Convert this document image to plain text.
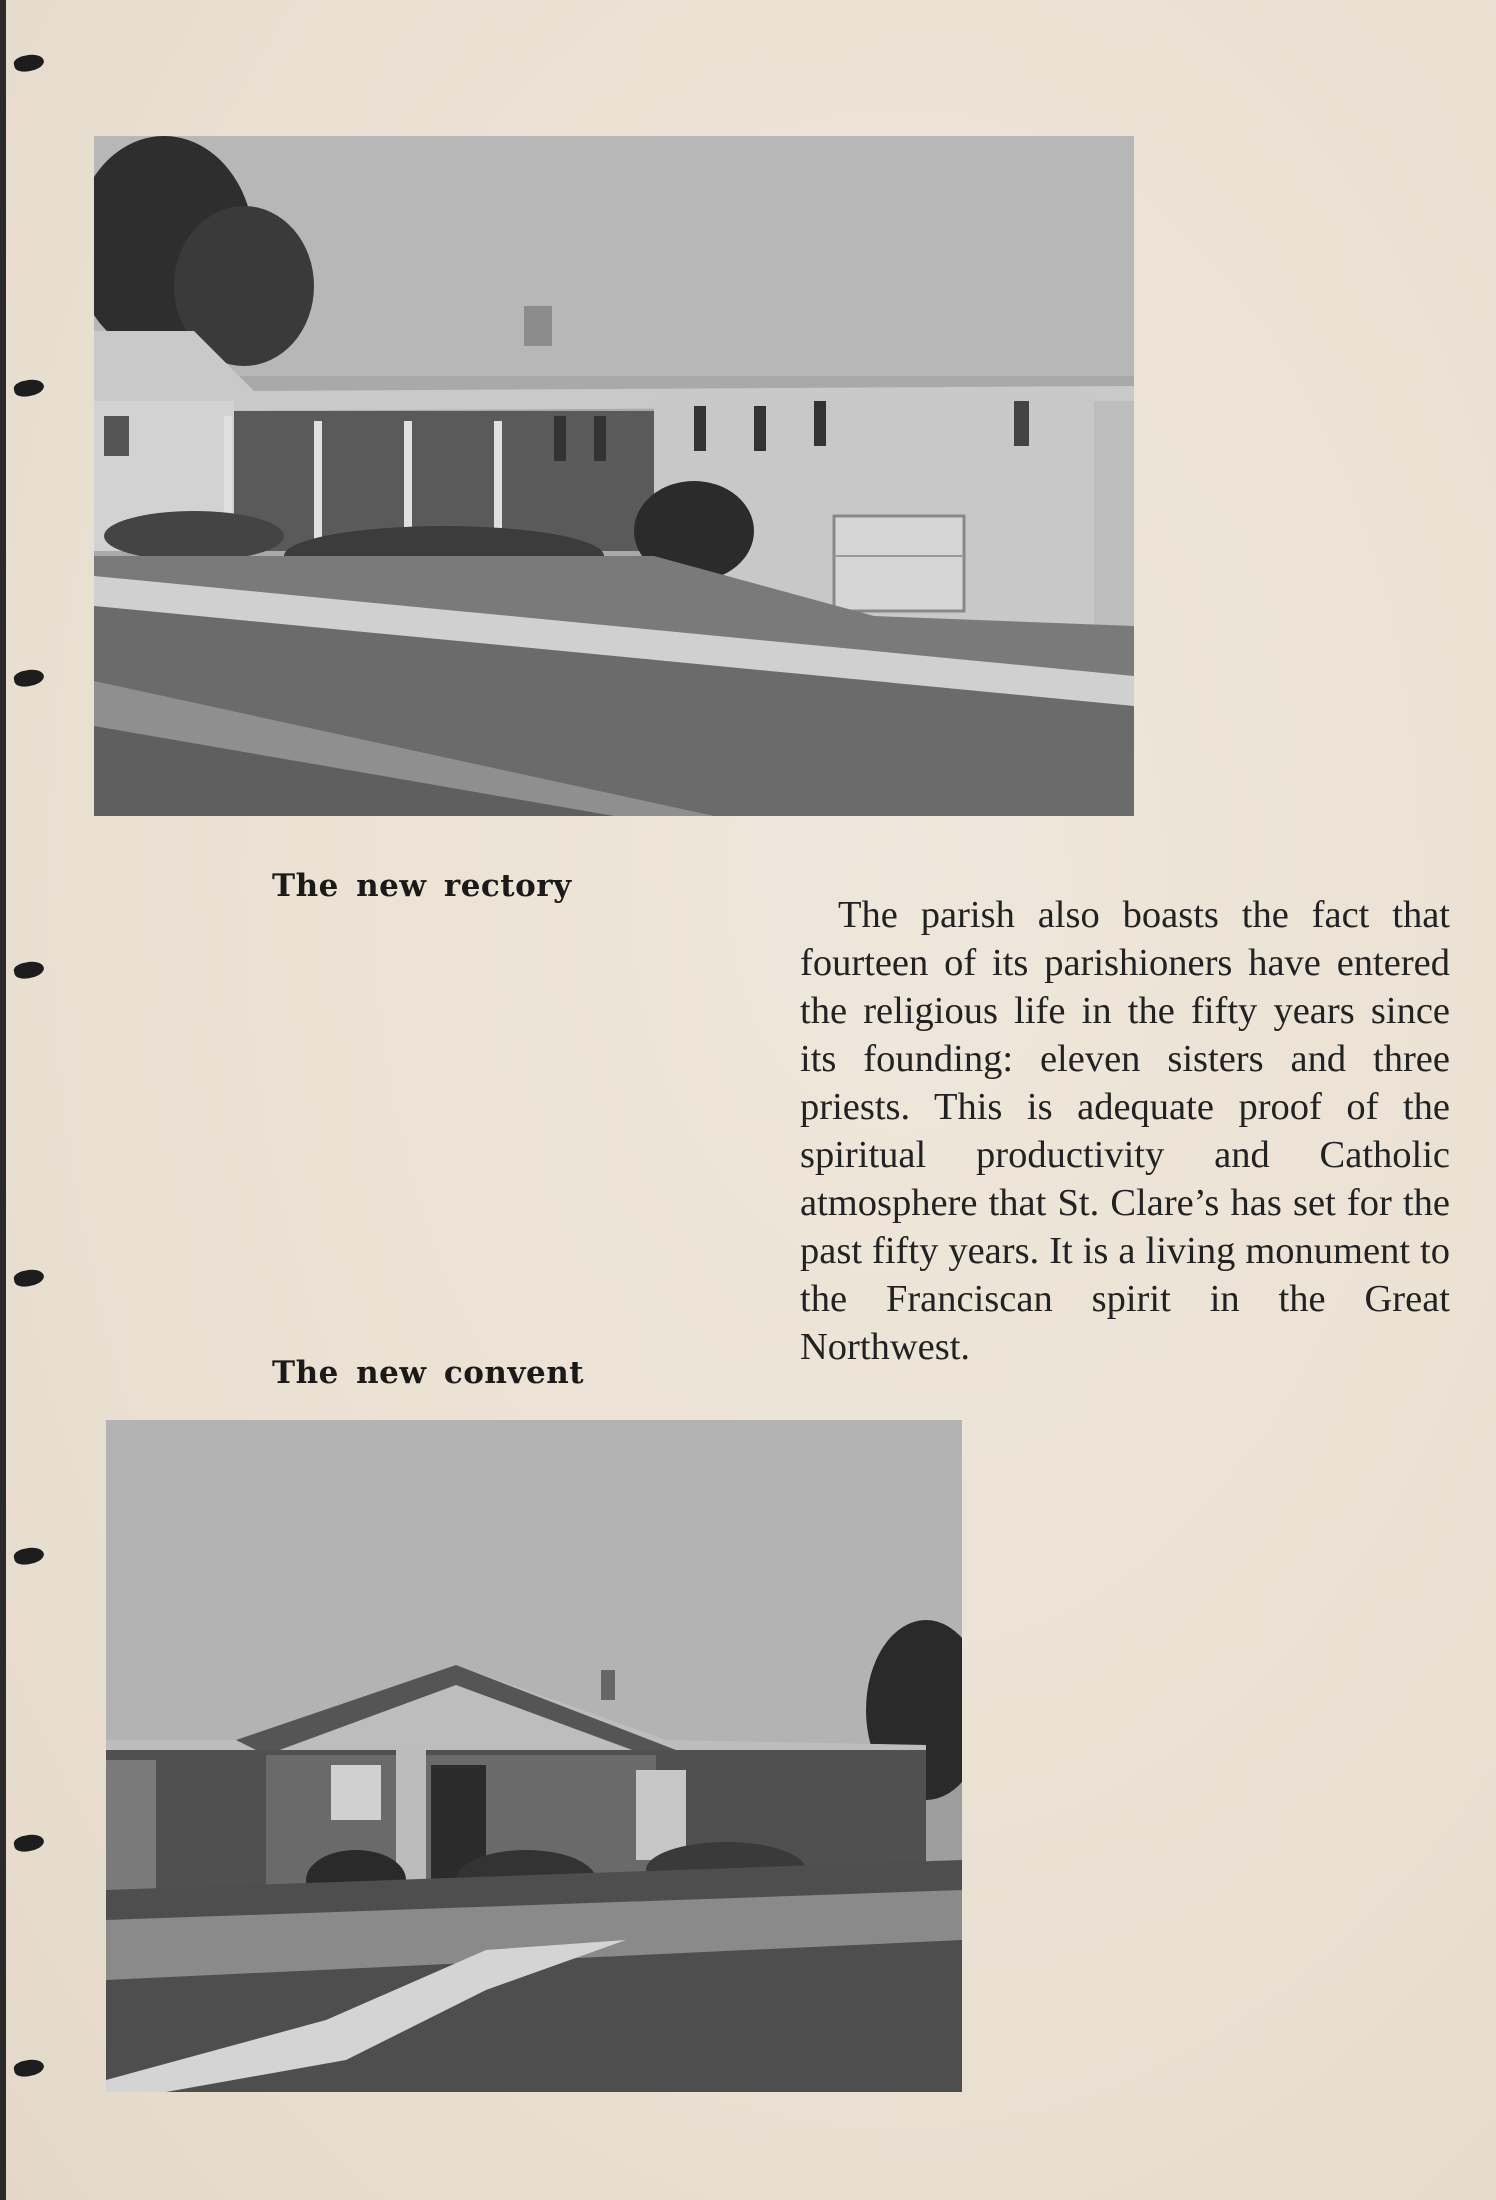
The new rectory

The parish also boasts the fact that fourteen of its parishioners have entered the religious life in the fifty years since its founding: eleven sisters and three priests. This is adequate proof of the spiritual productivity and Catholic atmosphere that St. Clare’s has set for the past fifty years. It is a living monument to the Franciscan spirit in the Great Northwest.

The new convent
